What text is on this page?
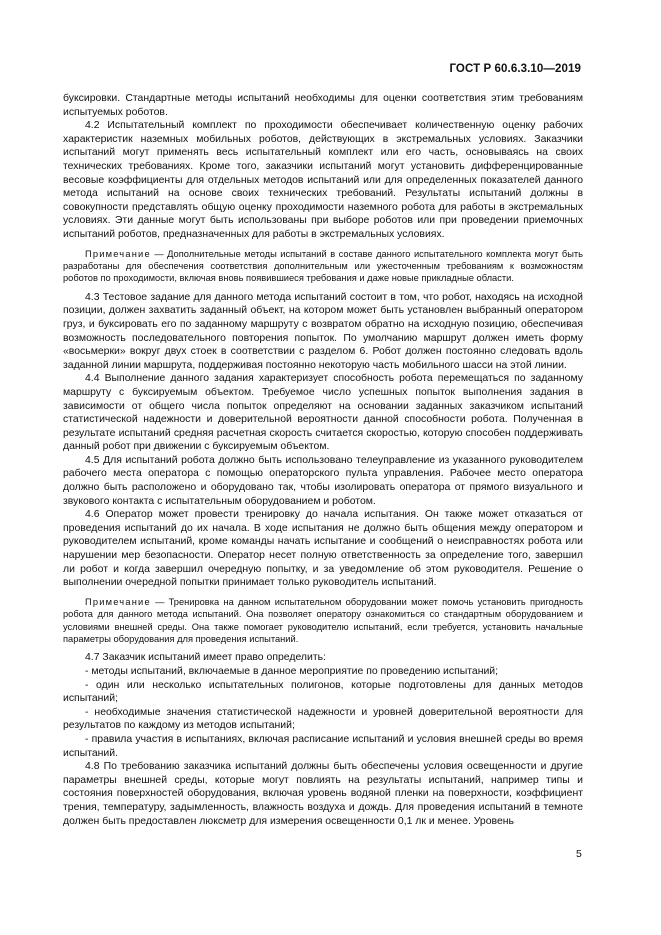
ГОСТ Р 60.6.3.10—2019

буксировки. Стандартные методы испытаний необходимы для оценки соответствия этим требованиям испытуемых роботов.

4.2 Испытательный комплект по проходимости обеспечивает количественную оценку рабочих характеристик наземных мобильных роботов, действующих в экстремальных условиях. Заказчики испытаний могут применять весь испытательный комплект или его часть, основываясь на своих технических требованиях. Кроме того, заказчики испытаний могут установить дифференцированные весовые коэффициенты для отдельных методов испытаний или для определенных показателей данного метода испытаний на основе своих технических требований. Результаты испытаний должны в совокупности представлять общую оценку проходимости наземного робота для работы в экстремальных условиях. Эти данные могут быть использованы при выборе роботов или при проведении приемочных испытаний роботов, предназначенных для работы в экстремальных условиях.

Примечание — Дополнительные методы испытаний в составе данного испытательного комплекта могут быть разработаны для обеспечения соответствия дополнительным или ужесточенным требованиям к возможностям роботов по проходимости, включая вновь появившиеся требования и даже новые прикладные области.

4.3 Тестовое задание для данного метода испытаний состоит в том, что робот, находясь на исходной позиции, должен захватить заданный объект, на котором может быть установлен выбранный оператором груз, и буксировать его по заданному маршруту с возвратом обратно на исходную позицию, обеспечивая возможность последовательного повторения попыток. По умолчанию маршрут должен иметь форму «восьмерки» вокруг двух стоек в соответствии с разделом 6. Робот должен постоянно следовать вдоль заданной линии маршрута, поддерживая постоянно некоторую часть мобильного шасси на этой линии.

4.4 Выполнение данного задания характеризует способность робота перемещаться по заданному маршруту с буксируемым объектом. Требуемое число успешных попыток выполнения задания в зависимости от общего числа попыток определяют на основании заданных заказчиком испытаний статистической надежности и доверительной вероятности данной способности робота. Полученная в результате испытаний средняя расчетная скорость считается скоростью, которую способен поддерживать данный робот при движении с буксируемым объектом.

4.5 Для испытаний робота должно быть использовано телеуправление из указанного руководителем рабочего места оператора с помощью операторского пульта управления. Рабочее место оператора должно быть расположено и оборудовано так, чтобы изолировать оператора от прямого визуального и звукового контакта с испытательным оборудованием и роботом.

4.6 Оператор может провести тренировку до начала испытания. Он также может отказаться от проведения испытаний до их начала. В ходе испытания не должно быть общения между оператором и руководителем испытаний, кроме команды начать испытание и сообщений о неисправностях робота или нарушении мер безопасности. Оператор несет полную ответственность за определение того, завершил ли робот и когда завершил очередную попытку, и за уведомление об этом руководителя. Решение о выполнении очередной попытки принимает только руководитель испытаний.

Примечание — Тренировка на данном испытательном оборудовании может помочь установить пригодность робота для данного метода испытаний. Она позволяет оператору ознакомиться со стандартным оборудованием и условиями внешней среды. Она также помогает руководителю испытаний, если требуется, установить начальные параметры оборудования для проведения испытаний.

4.7 Заказчик испытаний имеет право определить:

- методы испытаний, включаемые в данное мероприятие по проведению испытаний;

- один или несколько испытательных полигонов, которые подготовлены для данных методов испытаний;

- необходимые значения статистической надежности и уровней доверительной вероятности для результатов по каждому из методов испытаний;

- правила участия в испытаниях, включая расписание испытаний и условия внешней среды во время испытаний.

4.8 По требованию заказчика испытаний должны быть обеспечены условия освещенности и другие параметры внешней среды, которые могут повлиять на результаты испытаний, например типы и состояния поверхностей оборудования, включая уровень водяной пленки на поверхности, коэффициент трения, температуру, задымленность, влажность воздуха и дождь. Для проведения испытаний в темноте должен быть предоставлен люксметр для измерения освещенности 0,1 лк и менее. Уровень

5
